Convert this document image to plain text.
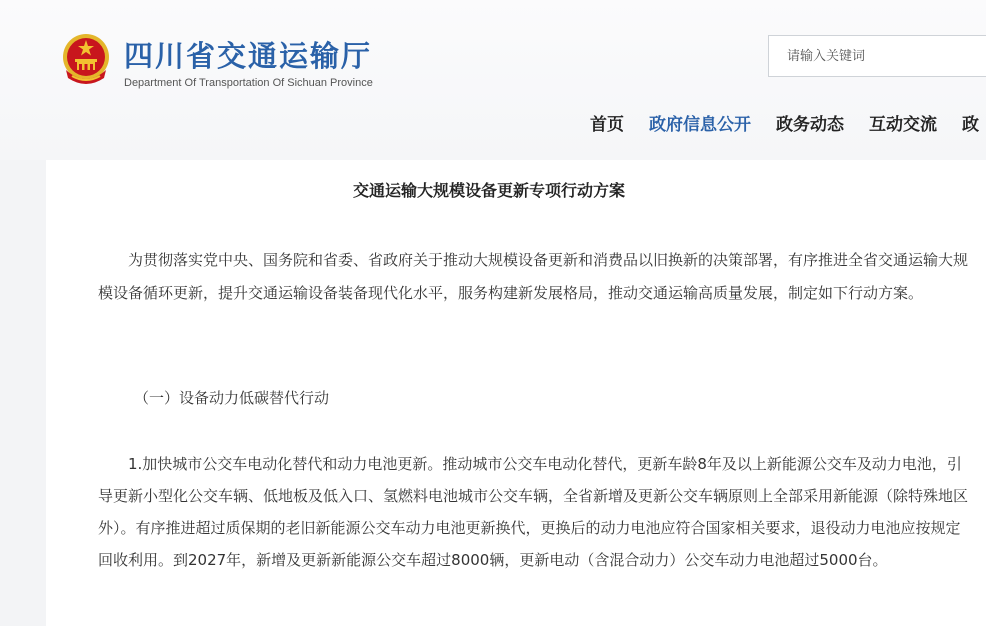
四川省交通运输厅
Department Of Transportation Of Sichuan Province
请输入关键词
首页 政府信息公开 政务动态 互动交流 政
交通运输大规模设备更新专项行动方案

为贯彻落实党中央、国务院和省委、省政府关于推动大规模设备更新和消费品以旧换新的决策部署，有序推进全省交通运输大规模设备循环更新，提升交通运输设备装备现代化水平，服务构建新发展格局，推动交通运输高质量发展，制定如下行动方案。

（一）设备动力低碳替代行动

1.加快城市公交车电动化替代和动力电池更新。推动城市公交车电动化替代，更新车龄8年及以上新能源公交车及动力电池，引导更新小型化公交车辆、低地板及低入口、氢燃料电池城市公交车辆，全省新增及更新公交车辆原则上全部采用新能源（除特殊地区外）。有序推进超过质保期的老旧新能源公交车动力电池更新换代，更换后的动力电池应符合国家相关要求，退役动力电池应按规定回收利用。到2027年，新增及更新新能源公交车超过8000辆，更新电动（含混合动力）公交车动力电池超过5000台。
